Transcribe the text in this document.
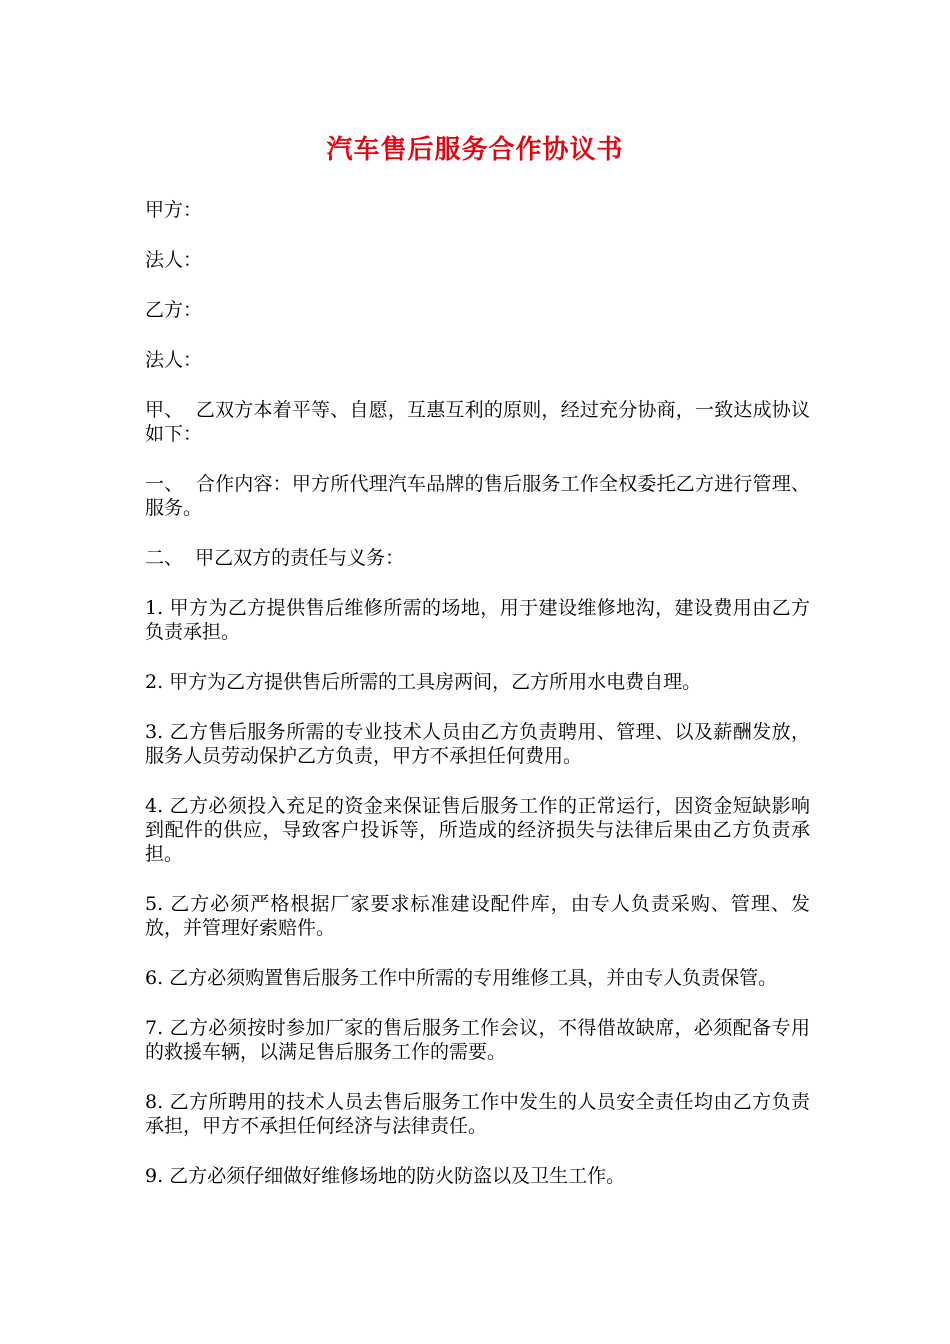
汽车售后服务合作协议书
甲方：
法人：
乙方：
法人：

甲、  乙双方本着平等、自愿，互惠互利的原则，经过充分协商，一致达成协议如下：

一、  合作内容：甲方所代理汽车品牌的售后服务工作全权委托乙方进行管理、服务。

二、  甲乙双方的责任与义务：

1. 甲方为乙方提供售后维修所需的场地，用于建设维修地沟，建设费用由乙方负责承担。

2. 甲方为乙方提供售后所需的工具房两间，乙方所用水电费自理。

3. 乙方售后服务所需的专业技术人员由乙方负责聘用、管理、以及薪酬发放，服务人员劳动保护乙方负责，甲方不承担任何费用。

4. 乙方必须投入充足的资金来保证售后服务工作的正常运行，因资金短缺影响到配件的供应，导致客户投诉等，所造成的经济损失与法律后果由乙方负责承担。

5. 乙方必须严格根据厂家要求标准建设配件库，由专人负责采购、管理、发放，并管理好索赔件。

6. 乙方必须购置售后服务工作中所需的专用维修工具，并由专人负责保管。

7. 乙方必须按时参加厂家的售后服务工作会议，不得借故缺席，必须配备专用的救援车辆，以满足售后服务工作的需要。

8. 乙方所聘用的技术人员去售后服务工作中发生的人员安全责任均由乙方负责承担，甲方不承担任何经济与法律责任。

9. 乙方必须仔细做好维修场地的防火防盗以及卫生工作。
